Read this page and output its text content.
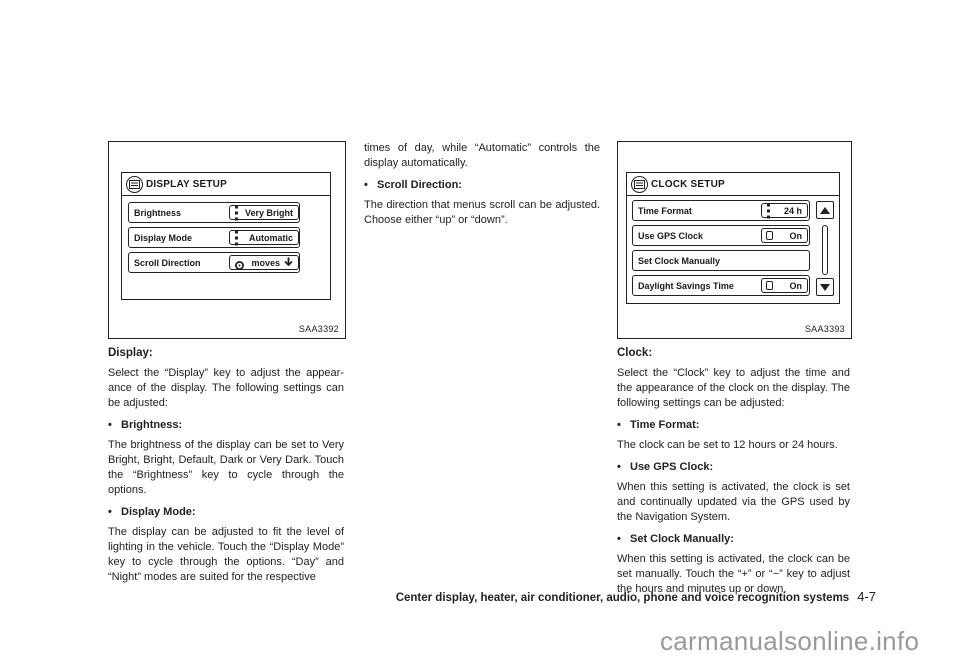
DISPLAY SETUP
Brightness	Very Bright
Display Mode	Automatic
Scroll Direction	moves
SAA3392

Display:

Select the “Display” key to adjust the appear-ance of the display. The following settings can be adjusted:

• Brightness:

The brightness of the display can be set to Very Bright, Bright, Default, Dark or Very Dark. Touch the “Brightness” key to cycle through the options.

• Display Mode:

The display can be adjusted to fit the level of lighting in the vehicle. Touch the “Display Mode” key to cycle through the options. “Day” and “Night” modes are suited for the respective

times of day, while “Automatic” controls the display automatically.

• Scroll Direction:

The direction that menus scroll can be adjusted. Choose either “up” or “down”.

CLOCK SETUP
Time Format	24 h
Use GPS Clock	On
Set Clock Manually
Daylight Savings Time	On
SAA3393

Clock:

Select the “Clock” key to adjust the time and the appearance of the clock on the display. The following settings can be adjusted:

• Time Format:

The clock can be set to 12 hours or 24 hours.

• Use GPS Clock:

When this setting is activated, the clock is set and continually updated via the GPS used by the Navigation System.

• Set Clock Manually:

When this setting is activated, the clock can be set manually. Touch the “+” or “−” key to adjust the hours and minutes up or down.

Center display, heater, air conditioner, audio, phone and voice recognition systems 4-7
carmanualsonline.info
